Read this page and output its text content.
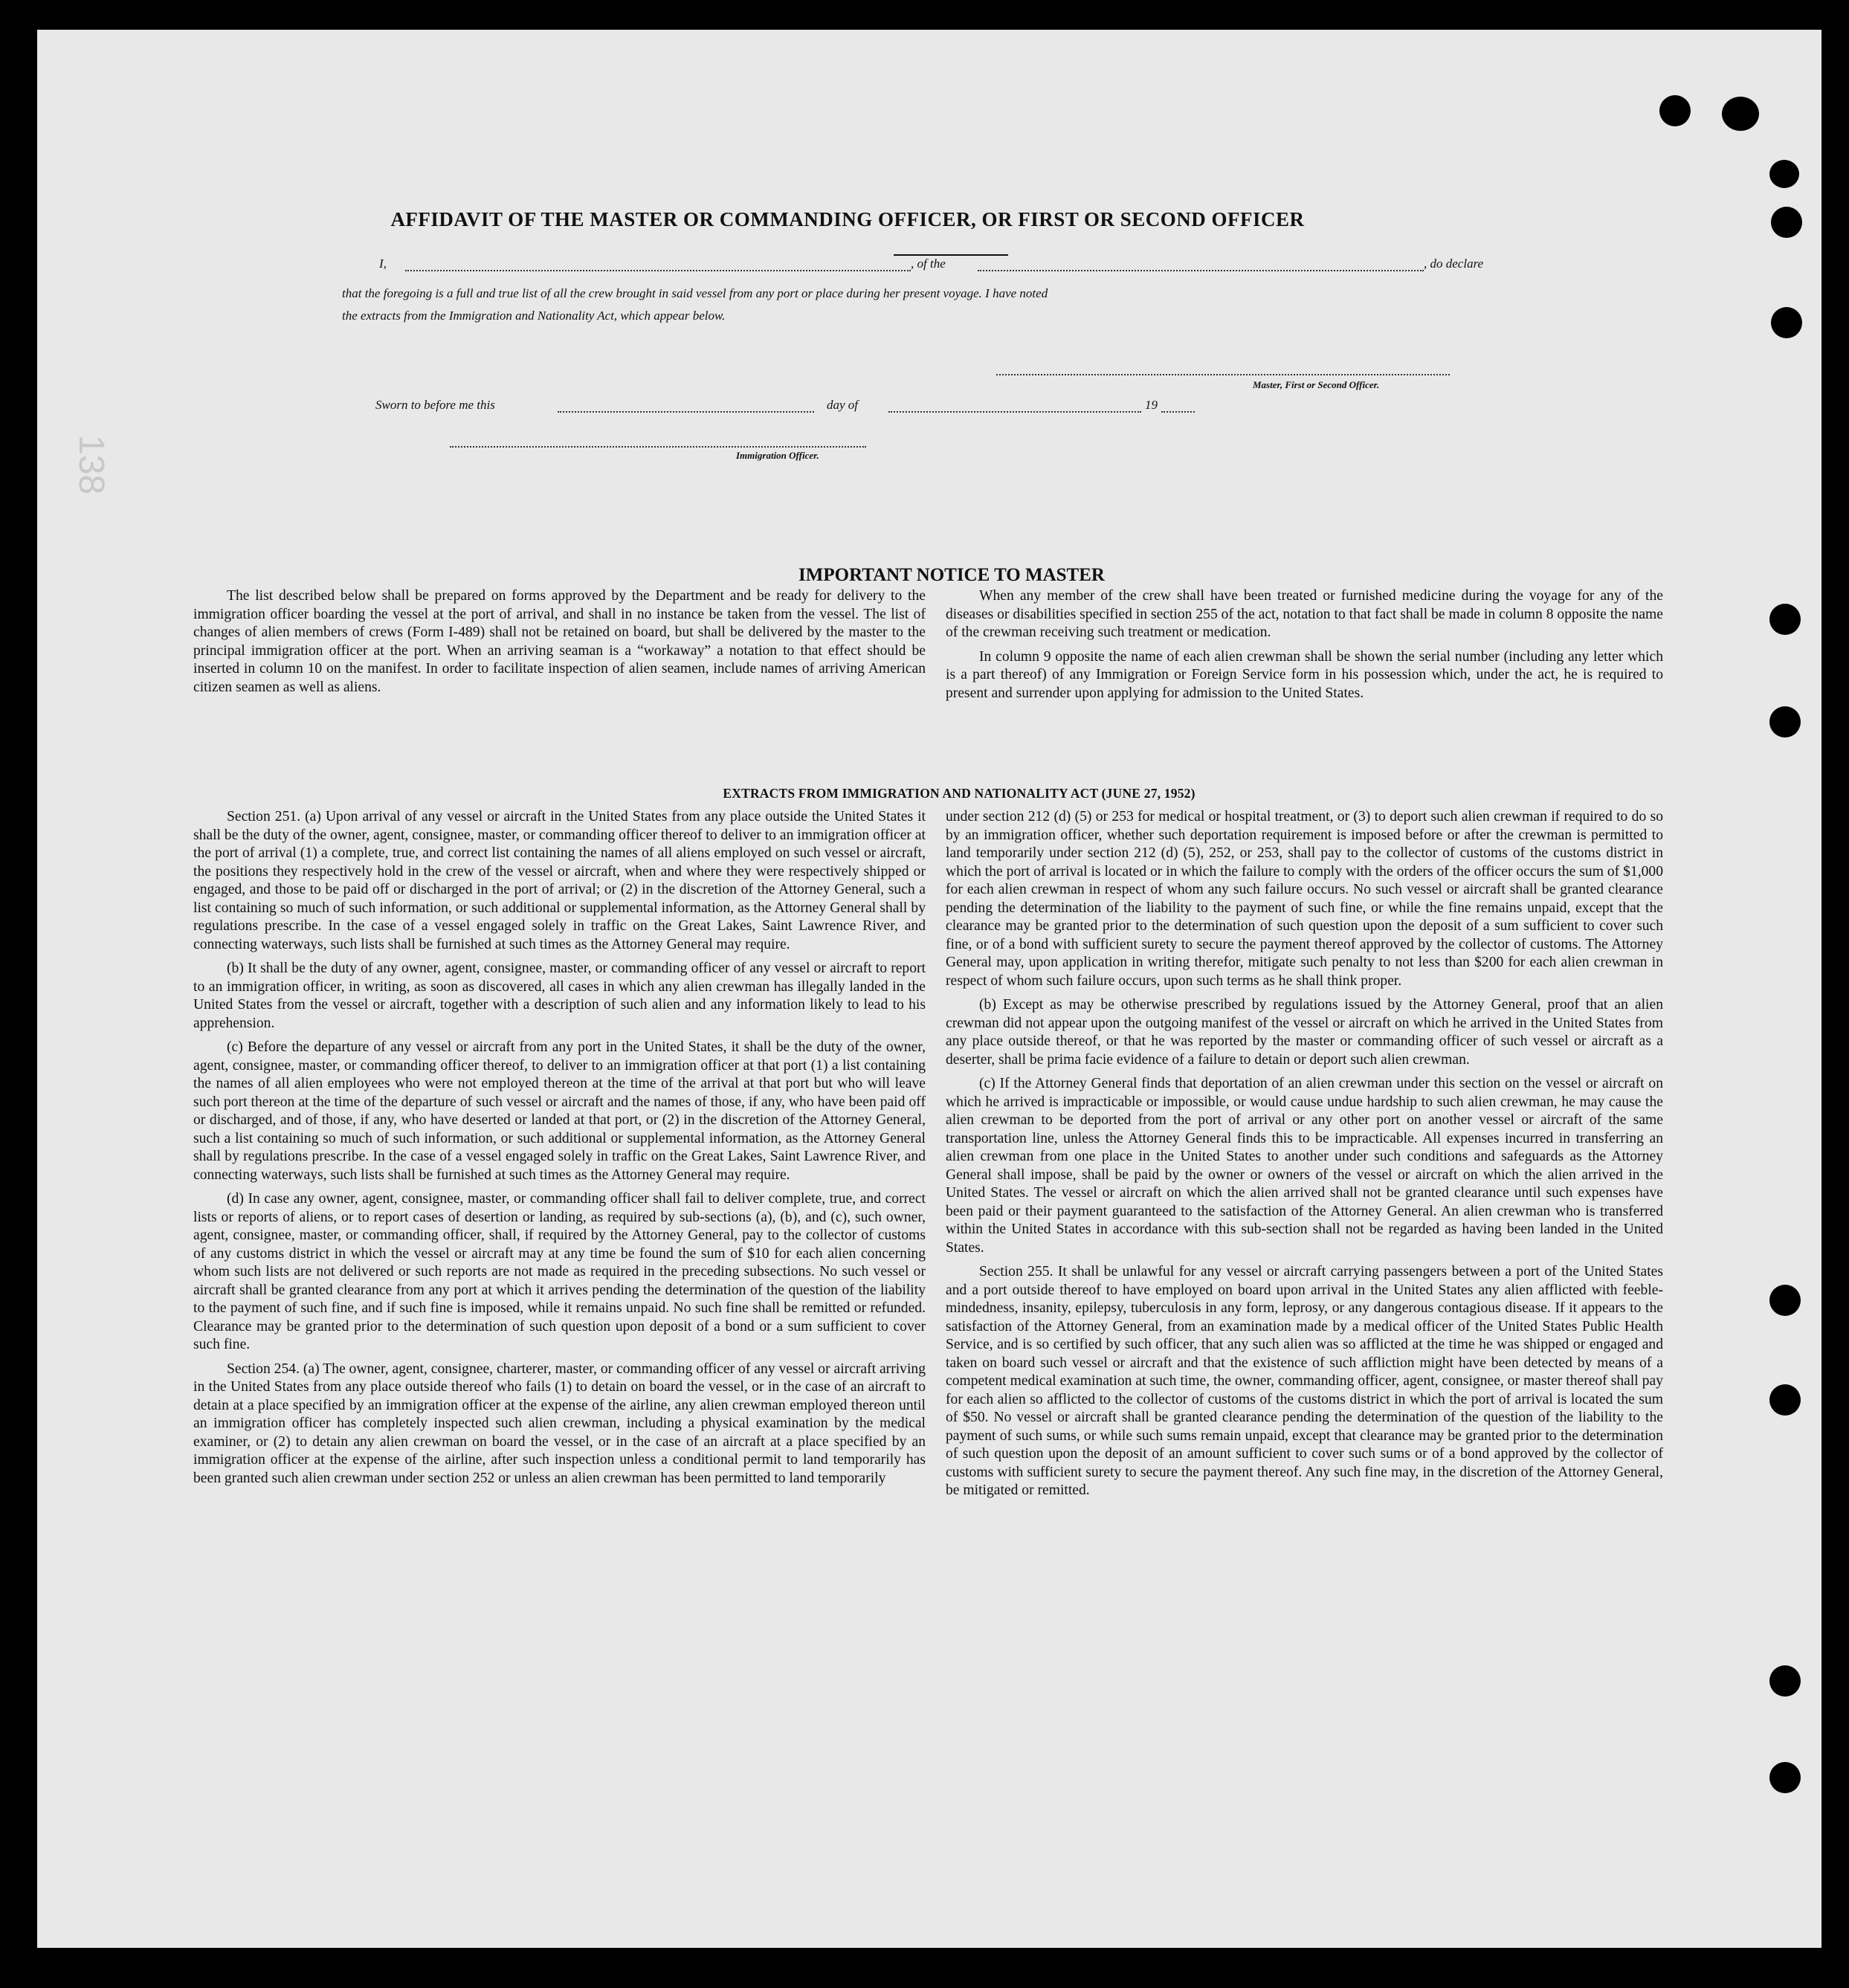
138
AFFIDAVIT OF THE MASTER OR COMMANDING OFFICER, OR FIRST OR SECOND OFFICER
I,	, of the	, do declare
that the foregoing is a full and true list of all the crew brought in said vessel from any port or place during her present voyage. I have noted
the extracts from the Immigration and Nationality Act, which appear below.
Master, First or Second Officer.
Sworn to before me this	day of	19
Immigration Officer.
IMPORTANT NOTICE TO MASTER

The list described below shall be prepared on forms approved by the Department and be ready for delivery to the immigration officer boarding the vessel at the port of arrival, and shall in no instance be taken from the vessel. The list of changes of alien members of crews (Form I-489) shall not be retained on board, but shall be delivered by the master to the principal immigration officer at the port. When an arriving seaman is a “workaway” a notation to that effect should be inserted in column 10 on the manifest. In order to facilitate inspection of alien seamen, include names of arriving American citizen seamen as well as aliens.

When any member of the crew shall have been treated or furnished medicine during the voyage for any of the diseases or disabilities specified in section 255 of the act, notation to that fact shall be made in column 8 opposite the name of the crewman receiving such treatment or medication.

In column 9 opposite the name of each alien crewman shall be shown the serial number (including any letter which is a part thereof) of any Immigration or Foreign Service form in his possession which, under the act, he is required to present and surrender upon applying for admission to the United States.

EXTRACTS FROM IMMIGRATION AND NATIONALITY ACT (JUNE 27, 1952)

Section 251. (a) Upon arrival of any vessel or aircraft in the United States from any place outside the United States it shall be the duty of the owner, agent, consignee, master, or commanding officer thereof to deliver to an immigration officer at the port of arrival (1) a complete, true, and correct list containing the names of all aliens employed on such vessel or aircraft, the positions they respectively hold in the crew of the vessel or aircraft, when and where they were respectively shipped or engaged, and those to be paid off or discharged in the port of arrival; or (2) in the discretion of the Attorney General, such a list containing so much of such information, or such additional or supplemental information, as the Attorney General shall by regulations prescribe. In the case of a vessel engaged solely in traffic on the Great Lakes, Saint Lawrence River, and connecting waterways, such lists shall be furnished at such times as the Attorney General may require.

(b) It shall be the duty of any owner, agent, consignee, master, or commanding officer of any vessel or aircraft to report to an immigration officer, in writing, as soon as discovered, all cases in which any alien crewman has illegally landed in the United States from the vessel or aircraft, together with a description of such alien and any information likely to lead to his apprehension.

(c) Before the departure of any vessel or aircraft from any port in the United States, it shall be the duty of the owner, agent, consignee, master, or commanding officer thereof, to deliver to an immigration officer at that port (1) a list containing the names of all alien employees who were not employed thereon at the time of the arrival at that port but who will leave such port thereon at the time of the departure of such vessel or aircraft and the names of those, if any, who have been paid off or discharged, and of those, if any, who have deserted or landed at that port, or (2) in the discretion of the Attorney General, such a list containing so much of such information, or such additional or supplemental information, as the Attorney General shall by regulations prescribe. In the case of a vessel engaged solely in traffic on the Great Lakes, Saint Lawrence River, and connecting waterways, such lists shall be furnished at such times as the Attorney General may require.

(d) In case any owner, agent, consignee, master, or commanding officer shall fail to deliver complete, true, and correct lists or reports of aliens, or to report cases of desertion or landing, as required by sub-sections (a), (b), and (c), such owner, agent, consignee, master, or commanding officer, shall, if required by the Attorney General, pay to the collector of customs of any customs district in which the vessel or aircraft may at any time be found the sum of $10 for each alien concerning whom such lists are not delivered or such reports are not made as required in the preceding subsections. No such vessel or aircraft shall be granted clearance from any port at which it arrives pending the determination of the question of the liability to the payment of such fine, and if such fine is imposed, while it remains unpaid. No such fine shall be remitted or refunded. Clearance may be granted prior to the determination of such question upon deposit of a bond or a sum sufficient to cover such fine.

Section 254. (a) The owner, agent, consignee, charterer, master, or commanding officer of any vessel or aircraft arriving in the United States from any place outside thereof who fails (1) to detain on board the vessel, or in the case of an aircraft to detain at a place specified by an immigration officer at the expense of the airline, any alien crewman employed thereon until an immigration officer has completely inspected such alien crewman, including a physical examination by the medical examiner, or (2) to detain any alien crewman on board the vessel, or in the case of an aircraft at a place specified by an immigration officer at the expense of the airline, after such inspection unless a conditional permit to land temporarily has been granted such alien crewman under section 252 or unless an alien crewman has been permitted to land temporarily

under section 212 (d) (5) or 253 for medical or hospital treatment, or (3) to deport such alien crewman if required to do so by an immigration officer, whether such deportation requirement is imposed before or after the crewman is permitted to land temporarily under section 212 (d) (5), 252, or 253, shall pay to the collector of customs of the customs district in which the port of arrival is located or in which the failure to comply with the orders of the officer occurs the sum of $1,000 for each alien crewman in respect of whom any such failure occurs. No such vessel or aircraft shall be granted clearance pending the determination of the liability to the payment of such fine, or while the fine remains unpaid, except that the clearance may be granted prior to the determination of such question upon the deposit of a sum sufficient to cover such fine, or of a bond with sufficient surety to secure the payment thereof approved by the collector of customs. The Attorney General may, upon application in writing therefor, mitigate such penalty to not less than $200 for each alien crewman in respect of whom such failure occurs, upon such terms as he shall think proper.

(b) Except as may be otherwise prescribed by regulations issued by the Attorney General, proof that an alien crewman did not appear upon the outgoing manifest of the vessel or aircraft on which he arrived in the United States from any place outside thereof, or that he was reported by the master or commanding officer of such vessel or aircraft as a deserter, shall be prima facie evidence of a failure to detain or deport such alien crewman.

(c) If the Attorney General finds that deportation of an alien crewman under this section on the vessel or aircraft on which he arrived is impracticable or impossible, or would cause undue hardship to such alien crewman, he may cause the alien crewman to be deported from the port of arrival or any other port on another vessel or aircraft of the same transportation line, unless the Attorney General finds this to be impracticable. All expenses incurred in transferring an alien crewman from one place in the United States to another under such conditions and safeguards as the Attorney General shall impose, shall be paid by the owner or owners of the vessel or aircraft on which the alien arrived in the United States. The vessel or aircraft on which the alien arrived shall not be granted clearance until such expenses have been paid or their payment guaranteed to the satisfaction of the Attorney General. An alien crewman who is transferred within the United States in accordance with this sub-section shall not be regarded as having been landed in the United States.

Section 255. It shall be unlawful for any vessel or aircraft carrying passengers between a port of the United States and a port outside thereof to have employed on board upon arrival in the United States any alien afflicted with feeble-mindedness, insanity, epilepsy, tuberculosis in any form, leprosy, or any dangerous contagious disease. If it appears to the satisfaction of the Attorney General, from an examination made by a medical officer of the United States Public Health Service, and is so certified by such officer, that any such alien was so afflicted at the time he was shipped or engaged and taken on board such vessel or aircraft and that the existence of such affliction might have been detected by means of a competent medical examination at such time, the owner, commanding officer, agent, consignee, or master thereof shall pay for each alien so afflicted to the collector of customs of the customs district in which the port of arrival is located the sum of $50. No vessel or aircraft shall be granted clearance pending the determination of the question of the liability to the payment of such sums, or while such sums remain unpaid, except that clearance may be granted prior to the determination of such question upon the deposit of an amount sufficient to cover such sums or of a bond approved by the collector of customs with sufficient surety to secure the payment thereof. Any such fine may, in the discretion of the Attorney General, be mitigated or remitted.
